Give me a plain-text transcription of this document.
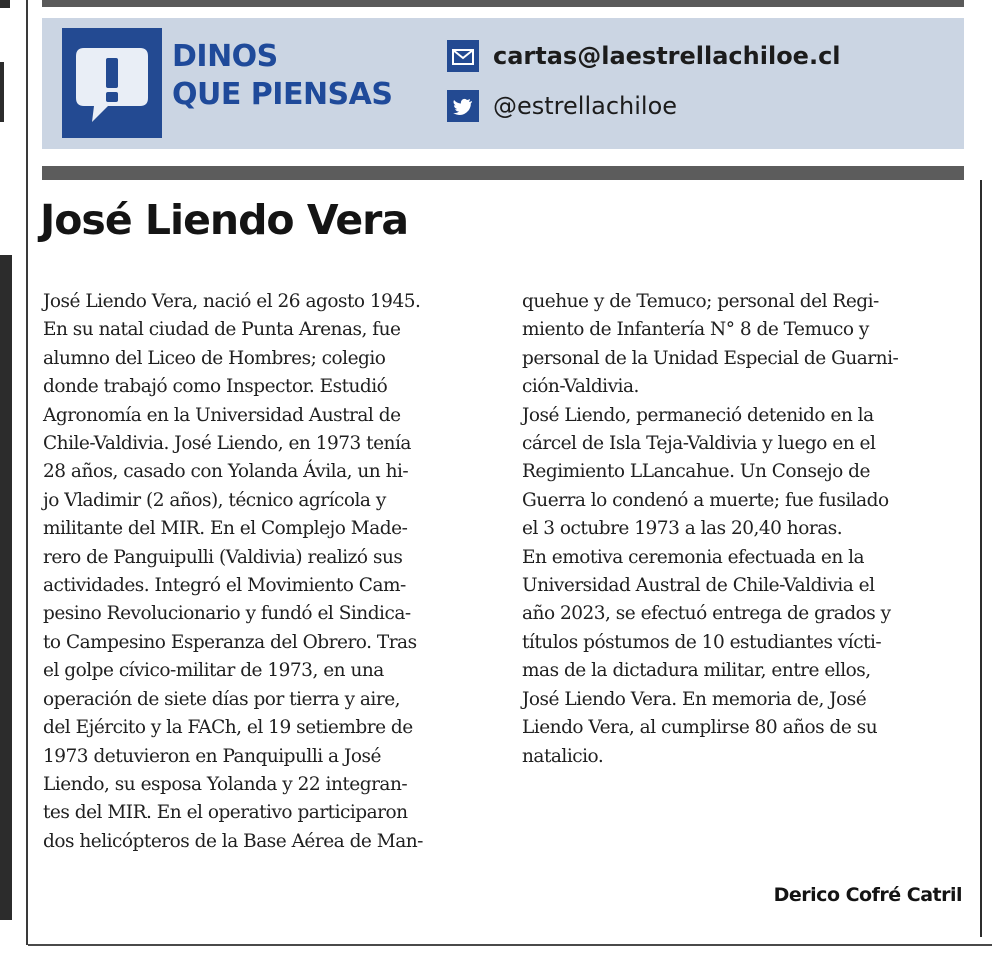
DINOS
QUE PIENSAS
cartas@laestrellachiloe.cl
@estrellachiloe
José Liendo Vera
José Liendo Vera, nació el 26 agosto 1945.
En su natal ciudad de Punta Arenas, fue
alumno del Liceo de Hombres; colegio
donde trabajó como Inspector. Estudió
Agronomía en la Universidad Austral de
Chile-Valdivia. José Liendo, en 1973 tenía
28 años, casado con Yolanda Ávila, un hi-
jo Vladimir (2 años), técnico agrícola y
militante del MIR. En el Complejo Made-
rero de Panguipulli (Valdivia) realizó sus
actividades. Integró el Movimiento Cam-
pesino Revolucionario y fundó el Sindica-
to Campesino Esperanza del Obrero. Tras
el golpe cívico-militar de 1973, en una
operación de siete días por tierra y aire,
del Ejército y la FACh, el 19 setiembre de
1973 detuvieron en Panquipulli a José
Liendo, su esposa Yolanda y 22 integran-
tes del MIR. En el operativo participaron
dos helicópteros de la Base Aérea de Man-
quehue y de Temuco; personal del Regi-
miento de Infantería N° 8 de Temuco y
personal de la Unidad Especial de Guarni-
ción-Valdivia.
José Liendo, permaneció detenido en la
cárcel de Isla Teja-Valdivia y luego en el
Regimiento LLancahue. Un Consejo de
Guerra lo condenó a muerte; fue fusilado
el 3 octubre 1973 a las 20,40 horas.
En emotiva ceremonia efectuada en la
Universidad Austral de Chile-Valdivia el
año 2023, se efectuó entrega de grados y
títulos póstumos de 10 estudiantes vícti-
mas de la dictadura militar, entre ellos,
José Liendo Vera. En memoria de, José
Liendo Vera, al cumplirse 80 años de su
natalicio.
Derico Cofré Catril
